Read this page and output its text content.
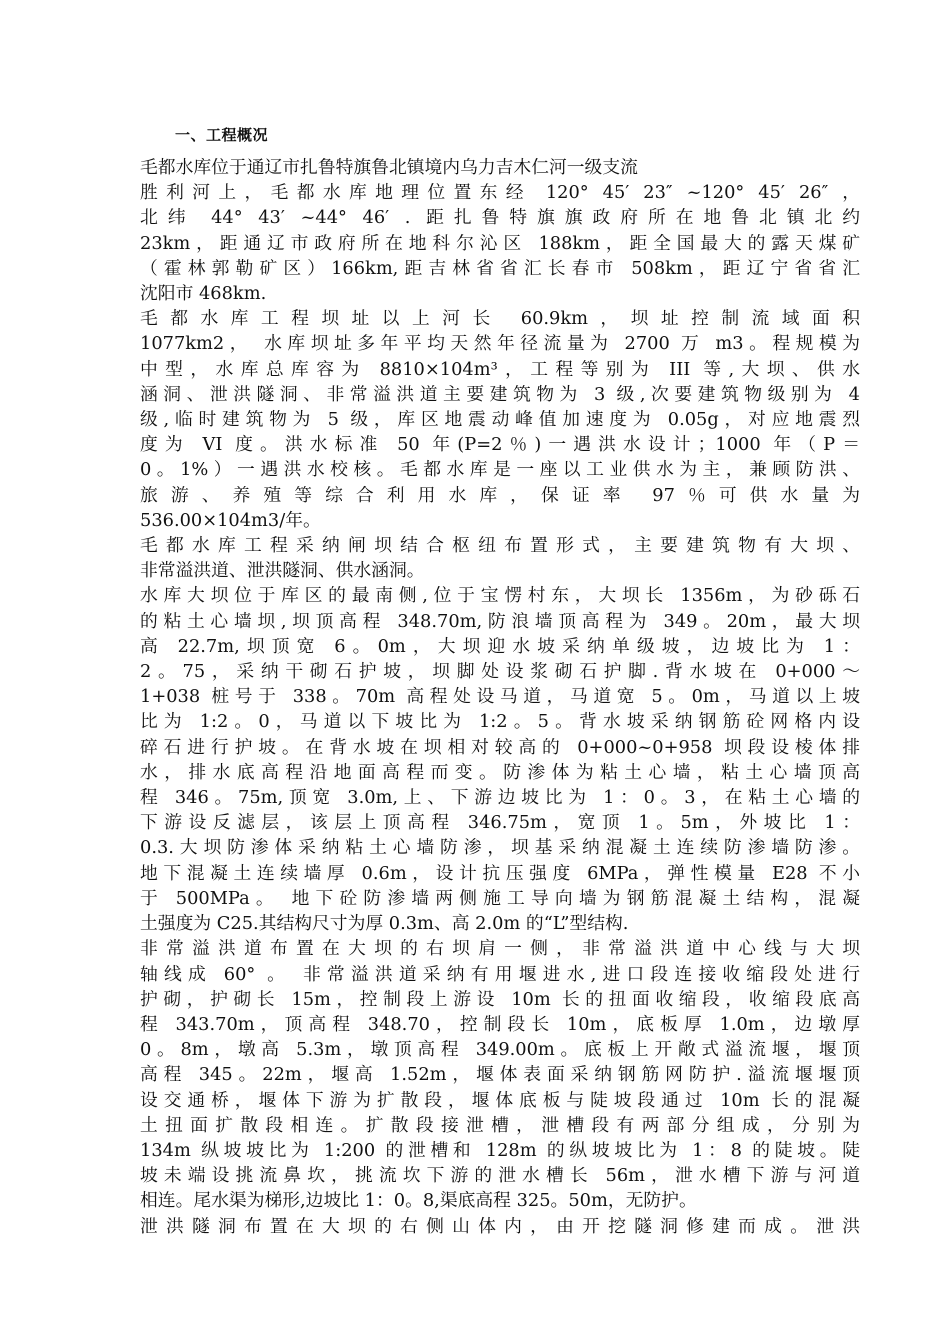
一、工程概况
毛都水库位于通辽市扎鲁特旗鲁北镇境内乌力吉木仁河一级支流
胜利河上，毛都水库地理位置东经 120° 45′ 23″ ~120° 45′ 26″ ，
北纬 44° 43′ ~44° 46′ . 距扎鲁特旗旗政府所在地鲁北镇北约
23km，距通辽市政府所在地科尔沁区 188km，距全国最大的露天煤矿
（霍林郭勒矿区）166km,距吉林省省汇长春市 508km，距辽宁省省汇
沈阳市 468km.
毛都水库工程坝址以上河长 60.9km，坝址控制流域面积
1077km2， 水库坝址多年平均天然年径流量为 2700 万 m3。程规模为
中型，水库总库容为 8810×104m³，工程等别为 III 等,大坝、供水
涵洞、泄洪隧洞、非常溢洪道主要建筑物为 3 级,次要建筑物级别为 4
级,临时建筑物为 5 级，库区地震动峰值加速度为 0.05g，对应地震烈
度为 VI 度。洪水标准 50 年(P=2％)一遇洪水设计；1000 年（P＝
0。1%）一遇洪水校核。毛都水库是一座以工业供水为主，兼顾防洪、
旅游、养殖等综合利用水库，保证率 97％可供水量为
536.00×104m3/年。
毛都水库工程采纳闸坝结合枢纽布置形式，主要建筑物有大坝、
非常溢洪道、泄洪隧洞、供水涵洞。
水库大坝位于库区的最南侧,位于宝愣村东，大坝长 1356m，为砂砾石
的粘土心墙坝,坝顶高程 348.70m,防浪墙顶高程为 349。20m，最大坝
高 22.7m,坝顶宽 6。0m，大坝迎水坡采纳单级坡，边坡比为 1：
2。75，采纳干砌石护坡，坝脚处设浆砌石护脚.背水坡在 0+000～
1+038 桩号于 338。70m 高程处设马道，马道宽 5。0m，马道以上坡
比为 1:2。0，马道以下坡比为 1:2。5。背水坡采纳钢筋砼网格内设
碎石进行护坡。在背水坡在坝相对较高的 0+000~0+958 坝段设棱体排
水，排水底高程沿地面高程而变。防渗体为粘土心墙，粘土心墙顶高
程 346。75m,顶宽 3.0m,上、下游边坡比为 1：0。3，在粘土心墙的
下游设反滤层，该层上顶高程 346.75m，宽顶 1。5m，外坡比 1：
0.3.大坝防渗体采纳粘土心墙防渗，坝基采纳混凝土连续防渗墙防渗。
地下混凝土连续墙厚 0.6m，设计抗压强度 6MPa，弹性模量 E28 不小
于 500MPa。 地下砼防渗墙两侧施工导向墙为钢筋混凝土结构，混凝
土强度为 C25.其结构尺寸为厚 0.3m、高 2.0m 的“L”型结构.
非常溢洪道布置在大坝的右坝肩一侧，非常溢洪道中心线与大坝
轴线成 60° 。 非常溢洪道采纳有用堰进水,进口段连接收缩段处进行
护砌，护砌长 15m，控制段上游设 10m 长的扭面收缩段，收缩段底高
程 343.70m，顶高程 348.70，控制段长 10m，底板厚 1.0m，边墩厚
0。8m，墩高 5.3m，墩顶高程 349.00m。底板上开敞式溢流堰，堰顶
高程 345。22m，堰高 1.52m，堰体表面采纳钢筋网防护.溢流堰堰顶
设交通桥，堰体下游为扩散段，堰体底板与陡坡段通过 10m 长的混凝
土扭面扩散段相连。扩散段接泄槽，泄槽段有两部分组成，分别为
134m 纵坡坡比为 1:200 的泄槽和 128m 的纵坡坡比为 1：8 的陡坡。陡
坡未端设挑流鼻坎，挑流坎下游的泄水槽长 56m，泄水槽下游与河道
相连。尾水渠为梯形,边坡比 1：0。8,渠底高程 325。50m，无防护。
泄洪隧洞布置在大坝的右侧山体内，由开挖隧洞修建而成。泄洪
